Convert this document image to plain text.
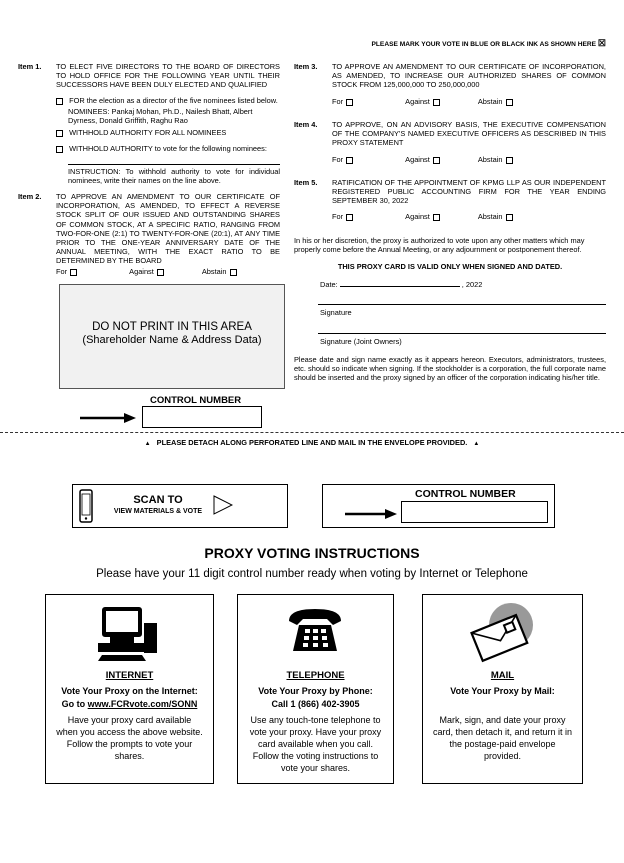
PLEASE MARK YOUR VOTE IN BLUE OR BLACK INK AS SHOWN HERE ☒
Item 1. TO ELECT FIVE DIRECTORS TO THE BOARD OF DIRECTORS TO HOLD OFFICE FOR THE FOLLOWING YEAR UNTIL THEIR SUCCESSORS HAVE BEEN DULY ELECTED AND QUALIFIED
FOR the election as a director of the five nominees listed below.
NOMINEES: Pankaj Mohan, Ph.D., Nailesh Bhatt, Albert Dyrness, Donald Griffith, Raghu Rao
WITHHOLD AUTHORITY FOR ALL NOMINEES
WITHHOLD AUTHORITY to vote for the following nominees:
INSTRUCTION: To withhold authority to vote for individual nominees, write their names on the line above.
Item 2. TO APPROVE AN AMENDMENT TO OUR CERTIFICATE OF INCORPORATION, AS AMENDED, TO EFFECT A REVERSE STOCK SPLIT OF OUR ISSUED AND OUTSTANDING SHARES OF COMMON STOCK, AT A SPECIFIC RATIO, RANGING FROM TWO-FOR-ONE (2:1) TO TWENTY-FOR-ONE (20:1), AT ANY TIME PRIOR TO THE ONE-YEAR ANNIVERSARY DATE OF THE ANNUAL MEETING, WITH THE EXACT RATIO TO BE DETERMINED BY THE BOARD
For	Against	Abstain
DO NOT PRINT IN THIS AREA
(Shareholder Name & Address Data)
CONTROL NUMBER
Item 3. TO APPROVE AN AMENDMENT TO OUR CERTIFICATE OF INCORPORATION, AS AMENDED, TO INCREASE OUR AUTHORIZED SHARES OF COMMON STOCK FROM 125,000,000 TO 250,000,000
For	Against	Abstain
Item 4. TO APPROVE, ON AN ADVISORY BASIS, THE EXECUTIVE COMPENSATION OF THE COMPANY'S NAMED EXECUTIVE OFFICERS AS DESCRIBED IN THIS PROXY STATEMENT
For	Against	Abstain
Item 5. RATIFICATION OF THE APPOINTMENT OF KPMG LLP AS OUR INDEPENDENT REGISTERED PUBLIC ACCOUNTING FIRM FOR THE YEAR ENDING SEPTEMBER 30, 2022
For	Against	Abstain
In his or her discretion, the proxy is authorized to vote upon any other matters which may properly come before the Annual Meeting, or any adjournment or postponement thereof.
THIS PROXY CARD IS VALID ONLY WHEN SIGNED AND DATED.
Date:	, 2022
Signature
Signature (Joint Owners)
Please date and sign name exactly as it appears hereon. Executors, administrators, trustees, etc. should so indicate when signing. If the stockholder is a corporation, the full corporate name should be inserted and the proxy signed by an officer of the corporation indicating his/her title.
▲ PLEASE DETACH ALONG PERFORATED LINE AND MAIL IN THE ENVELOPE PROVIDED. ▲
SCAN TO
VIEW MATERIALS & VOTE
CONTROL NUMBER
PROXY VOTING INSTRUCTIONS
Please have your 11 digit control number ready when voting by Internet or Telephone
INTERNET
Vote Your Proxy on the Internet:
Go to www.FCRvote.com/SONN
Have your proxy card available when you access the above website. Follow the prompts to vote your shares.
TELEPHONE
Vote Your Proxy by Phone:
Call 1 (866) 402-3905
Use any touch-tone telephone to vote your proxy. Have your proxy card available when you call. Follow the voting instructions to vote your shares.
MAIL
Vote Your Proxy by Mail:
Mark, sign, and date your proxy card, then detach it, and return it in the postage-paid envelope provided.
